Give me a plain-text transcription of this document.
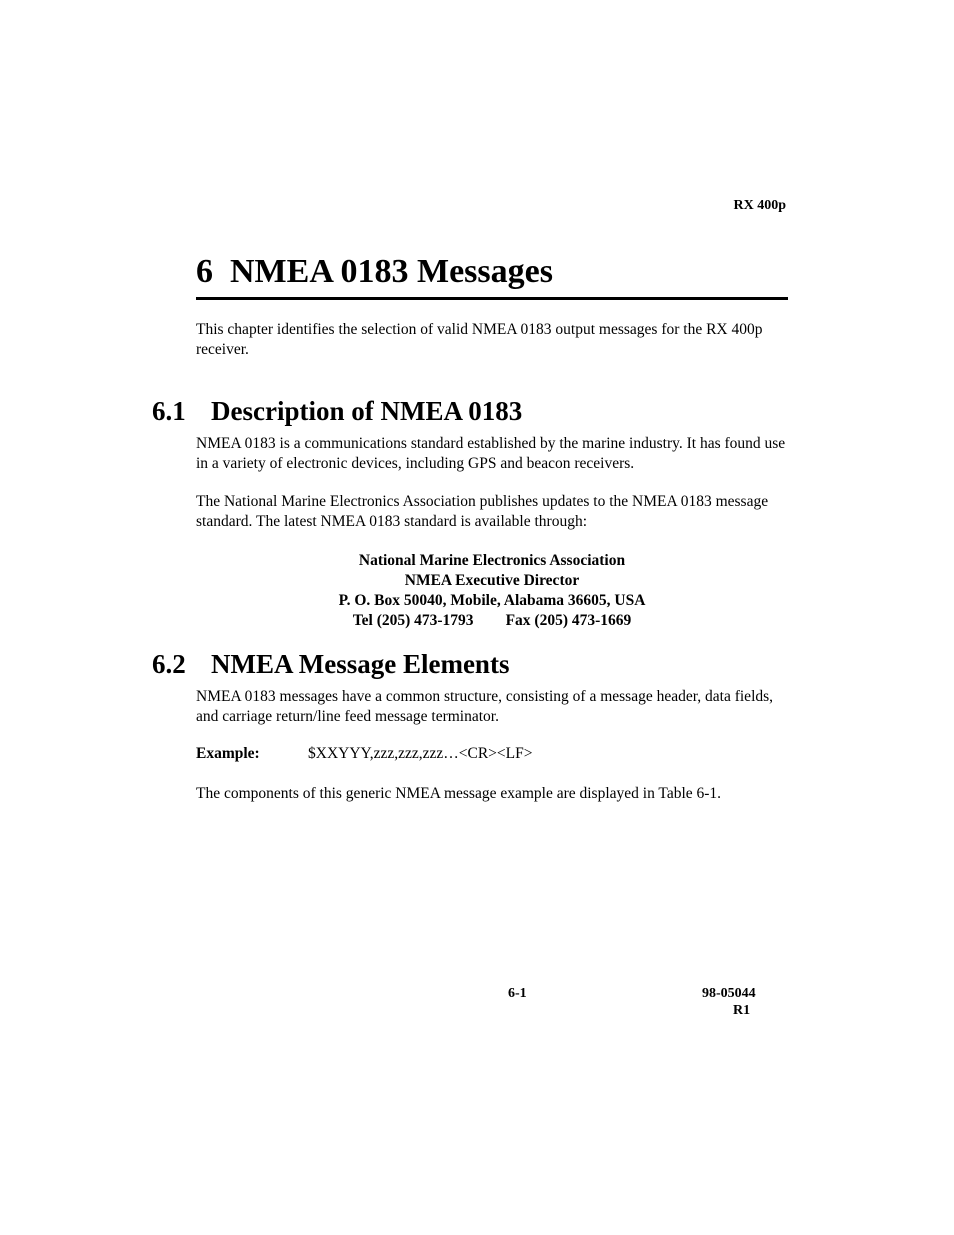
RX 400p
6 NMEA 0183 Messages
This chapter identifies the selection of valid NMEA 0183 output messages for the RX 400p receiver.
6.1 Description of NMEA 0183
NMEA 0183 is a communications standard established by the marine industry. It has found use in a variety of electronic devices, including GPS and beacon receivers.
The National Marine Electronics Association publishes updates to the NMEA 0183 message standard. The latest NMEA 0183 standard is available through:
National Marine Electronics Association
NMEA Executive Director
P. O. Box 50040, Mobile, Alabama 36605, USA
Tel (205) 473-1793 Fax (205) 473-1669
6.2 NMEA Message Elements
NMEA 0183 messages have a common structure, consisting of a message header, data fields, and carriage return/line feed message terminator.
Example:	$XXYYY,zzz,zzz,zzz…<CR><LF>
The components of this generic NMEA message example are displayed in Table 6-1.
6-1	98-05044
R1
